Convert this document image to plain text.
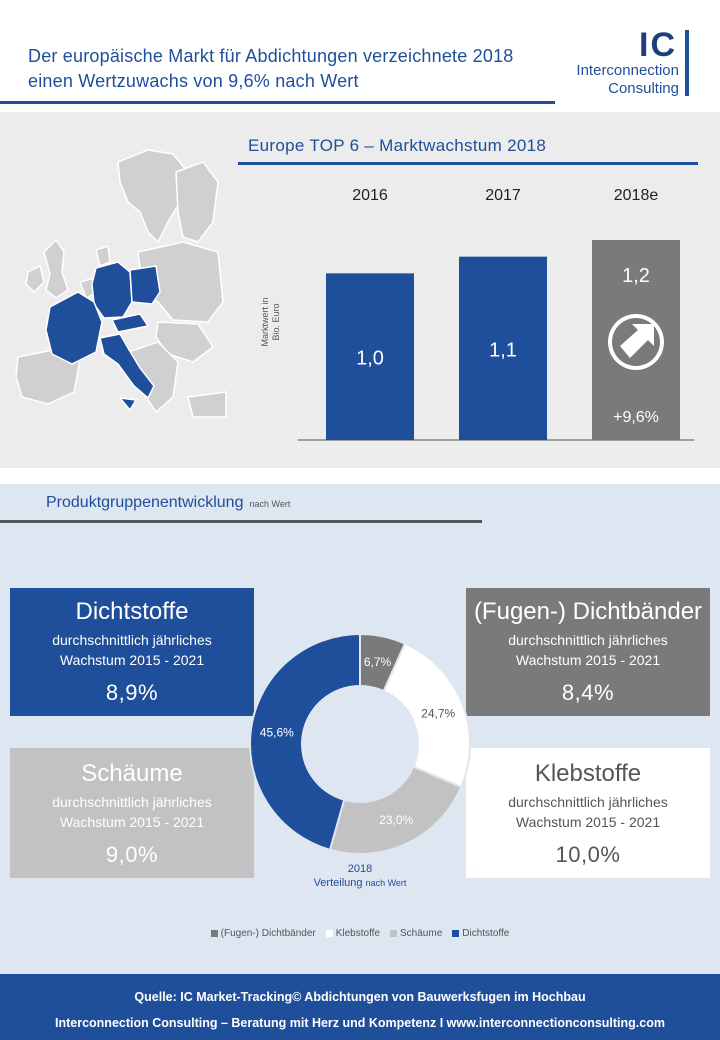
Der europäische Markt für Abdichtungen verzeichnete 2018
einen Wertzuwachs von 9,6% nach Wert
IC
Interconnection
Consulting
Europe TOP 6 – Marktwachstum 2018
Marktwert inBio. Euro
2016
1,0
2017
1,1
2018e
1,2
+9,6%
Produktgruppenentwicklung nach Wert
Dichtstoffe
durchschnittlich jährliches
Wachstum 2015 - 2021
8,9%
(Fugen-) Dichtbänder
durchschnittlich jährliches
Wachstum 2015 - 2021
8,4%
Schäume
durchschnittlich jährliches
Wachstum 2015 - 2021
9,0%
Klebstoffe
durchschnittlich jährliches
Wachstum 2015 - 2021
10,0%
6,7%
24,7%
23,0%
45,6%
2018
Verteilung nach Wert
(Fugen-) Dichtbänder Klebstoffe Schäume Dichtstoffe
Quelle: IC Market-Tracking© Abdichtungen von Bauwerksfugen im Hochbau
Interconnection Consulting – Beratung mit Herz und Kompetenz I www.interconnectionconsulting.com
